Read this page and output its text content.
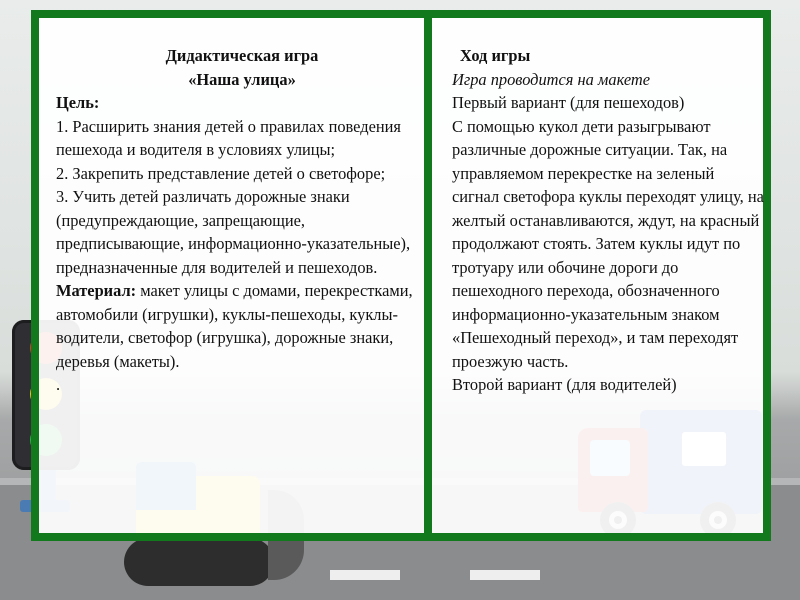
Дидактическая игра

«Наша улица»

Цель:

1. Расширить знания детей о правилах поведения пешехода и водителя в условиях улицы;

2. Закрепить представление детей о светофоре;

3. Учить детей различать дорожные знаки (предупреждающие, запрещающие, предписывающие, информационно-указательные), предназначенные для водителей и пешеходов.

Материал: макет улицы с домами, перекрестками, автомобили (игрушки), куклы-пешеходы, куклы-водители, светофор (игрушка), дорожные знаки, деревья (макеты).

.

Ход игры

Игра проводится на макете

Первый вариант (для пешеходов)

С помощью кукол дети разыгрывают различные дорожные ситуации. Так, на управляемом перекрестке на зеленый сигнал светофора куклы переходят улицу, на желтый останавливаются, ждут, на красный продолжают стоять. Затем куклы идут по тротуару или обочине дороги до пешеходного перехода, обозначенного информационно-указательным знаком «Пешеходный переход», и там переходят проезжую часть.

Второй вариант (для водителей)
